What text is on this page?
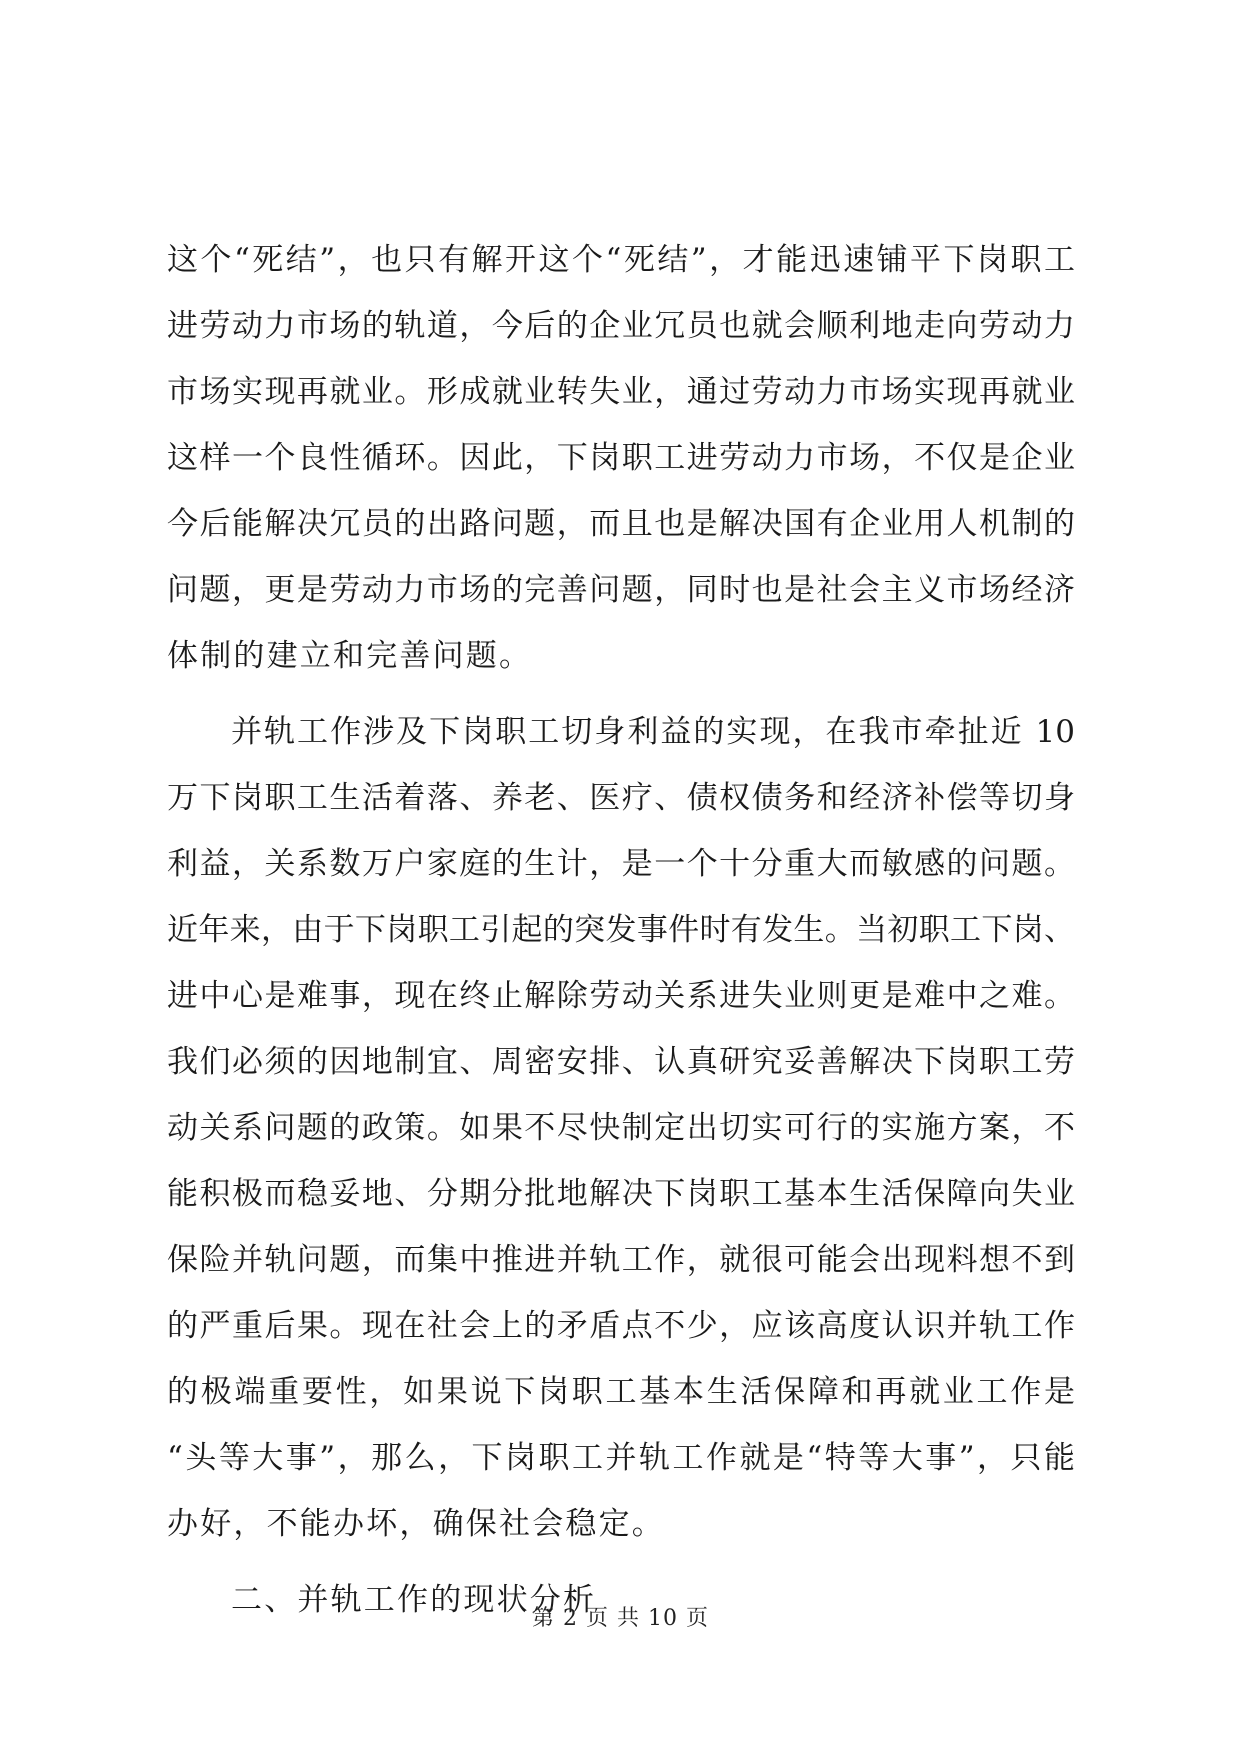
这个“死结”，也只有解开这个“死结”，才能迅速铺平下岗职工
进劳动力市场的轨道，今后的企业冗员也就会顺利地走向劳动力
市场实现再就业。形成就业转失业，通过劳动力市场实现再就业
这样一个良性循环。因此，下岗职工进劳动力市场，不仅是企业
今后能解决冗员的出路问题，而且也是解决国有企业用人机制的
问题，更是劳动力市场的完善问题，同时也是社会主义市场经济
体制的建立和完善问题。

并轨工作涉及下岗职工切身利益的实现，在我市牵扯近 10
万下岗职工生活着落、养老、医疗、债权债务和经济补偿等切身
利益，关系数万户家庭的生计，是一个十分重大而敏感的问题。
近年来，由于下岗职工引起的突发事件时有发生。当初职工下岗、
进中心是难事，现在终止解除劳动关系进失业则更是难中之难。
我们必须的因地制宜、周密安排、认真研究妥善解决下岗职工劳
动关系问题的政策。如果不尽快制定出切实可行的实施方案，不
能积极而稳妥地、分期分批地解决下岗职工基本生活保障向失业
保险并轨问题，而集中推进并轨工作，就很可能会出现料想不到
的严重后果。现在社会上的矛盾点不少，应该高度认识并轨工作
的极端重要性，如果说下岗职工基本生活保障和再就业工作是
“头等大事”，那么，下岗职工并轨工作就是“特等大事”，只能
办好，不能办坏，确保社会稳定。

二、并轨工作的现状分析

第 2 页 共 10 页
